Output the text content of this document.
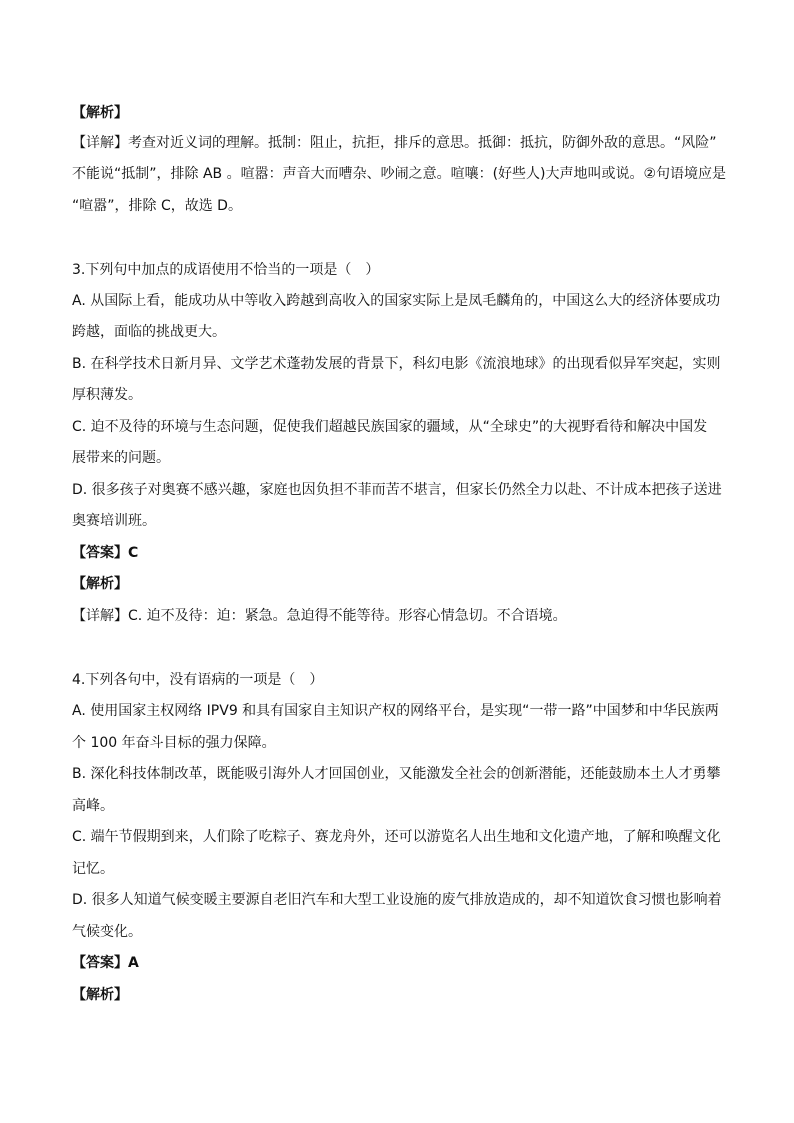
【解析】
【详解】考查对近义词的理解。抵制：阻止，抗拒，排斥的意思。抵御：抵抗，防御外敌的意思。“风险”
不能说“抵制”，排除 AB 。喧嚣：声音大而嘈杂、吵闹之意。喧嚷：(好些人)大声地叫或说。②句语境应是
“喧嚣”，排除 C，故选 D。
3.下列句中加点的成语使用不恰当的一项是（　）
A. 从国际上看，能成功从中等收入跨越到高收入的国家实际上是凤毛麟角的，中国这么大的经济体要成功
跨越，面临的挑战更大。
B. 在科学技术日新月异、文学艺术蓬勃发展的背景下，科幻电影《流浪地球》的出现看似异军突起，实则
厚积薄发。
C. 迫不及待的环境与生态问题，促使我们超越民族国家的疆域，从“全球史”的大视野看待和解决中国发
展带来的问题。
D. 很多孩子对奥赛不感兴趣，家庭也因负担不菲而苦不堪言，但家长仍然全力以赴、不计成本把孩子送进
奥赛培训班。
【答案】C
【解析】
【详解】C. 迫不及待：迫：紧急。急迫得不能等待。形容心情急切。不合语境。
4.下列各句中，没有语病的一项是（　）
A. 使用国家主权网络 IPV9 和具有国家自主知识产权的网络平台，是实现“一带一路”中国梦和中华民族两
个 100 年奋斗目标的强力保障。
B. 深化科技体制改革，既能吸引海外人才回国创业，又能激发全社会的创新潜能，还能鼓励本土人才勇攀
高峰。
C. 端午节假期到来，人们除了吃粽子、赛龙舟外，还可以游览名人出生地和文化遗产地，了解和唤醒文化
记忆。
D. 很多人知道气候变暖主要源自老旧汽车和大型工业设施的废气排放造成的，却不知道饮食习惯也影响着
气候变化。
【答案】A
【解析】
